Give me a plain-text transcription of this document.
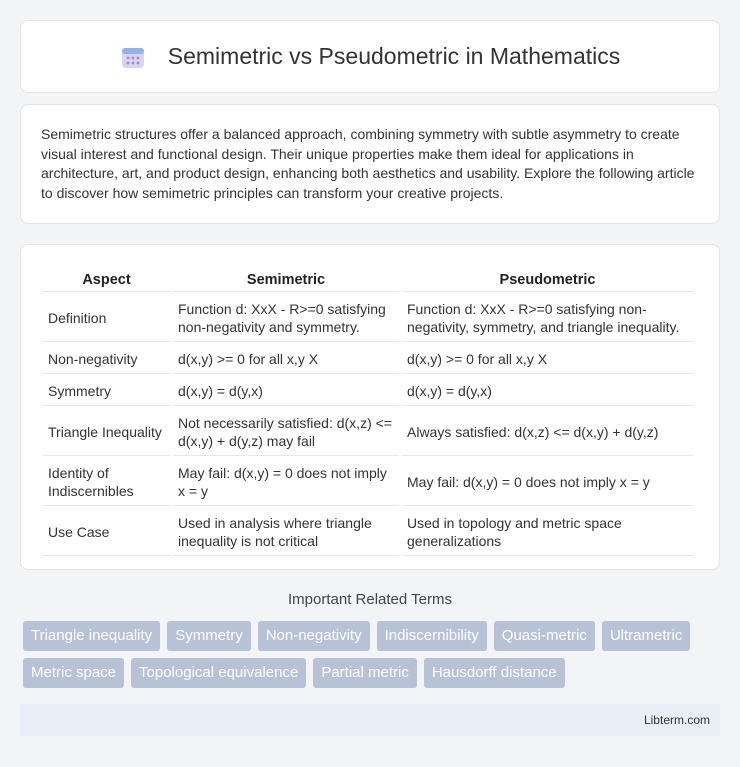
Semimetric vs Pseudometric in Mathematics

Semimetric structures offer a balanced approach, combining symmetry with subtle asymmetry to create visual interest and functional design. Their unique properties make them ideal for applications in architecture, art, and product design, enhancing both aesthetics and usability. Explore the following article to discover how semimetric principles can transform your creative projects.

Aspect	Semimetric	Pseudometric
Definition	Function d: XxX - R>=0 satisfying non-negativity and symmetry.	Function d: XxX - R>=0 satisfying non-negativity, symmetry, and triangle inequality.
Non-negativity	d(x,y) >= 0 for all x,y X	d(x,y) >= 0 for all x,y X
Symmetry	d(x,y) = d(y,x)	d(x,y) = d(y,x)
Triangle Inequality	Not necessarily satisfied: d(x,z) <= d(x,y) + d(y,z) may fail	Always satisfied: d(x,z) <= d(x,y) + d(y,z)
Identity of Indiscernibles	May fail: d(x,y) = 0 does not imply x = y	May fail: d(x,y) = 0 does not imply x = y
Use Case	Used in analysis where triangle inequality is not critical	Used in topology and metric space generalizations
Important Related Terms
Triangle inequality	Symmetry	Non-negativity	Indiscernibility	Quasi-metric	Ultrametric
Metric space	Topological equivalence	Partial metric	Hausdorff distance
Libterm.com
